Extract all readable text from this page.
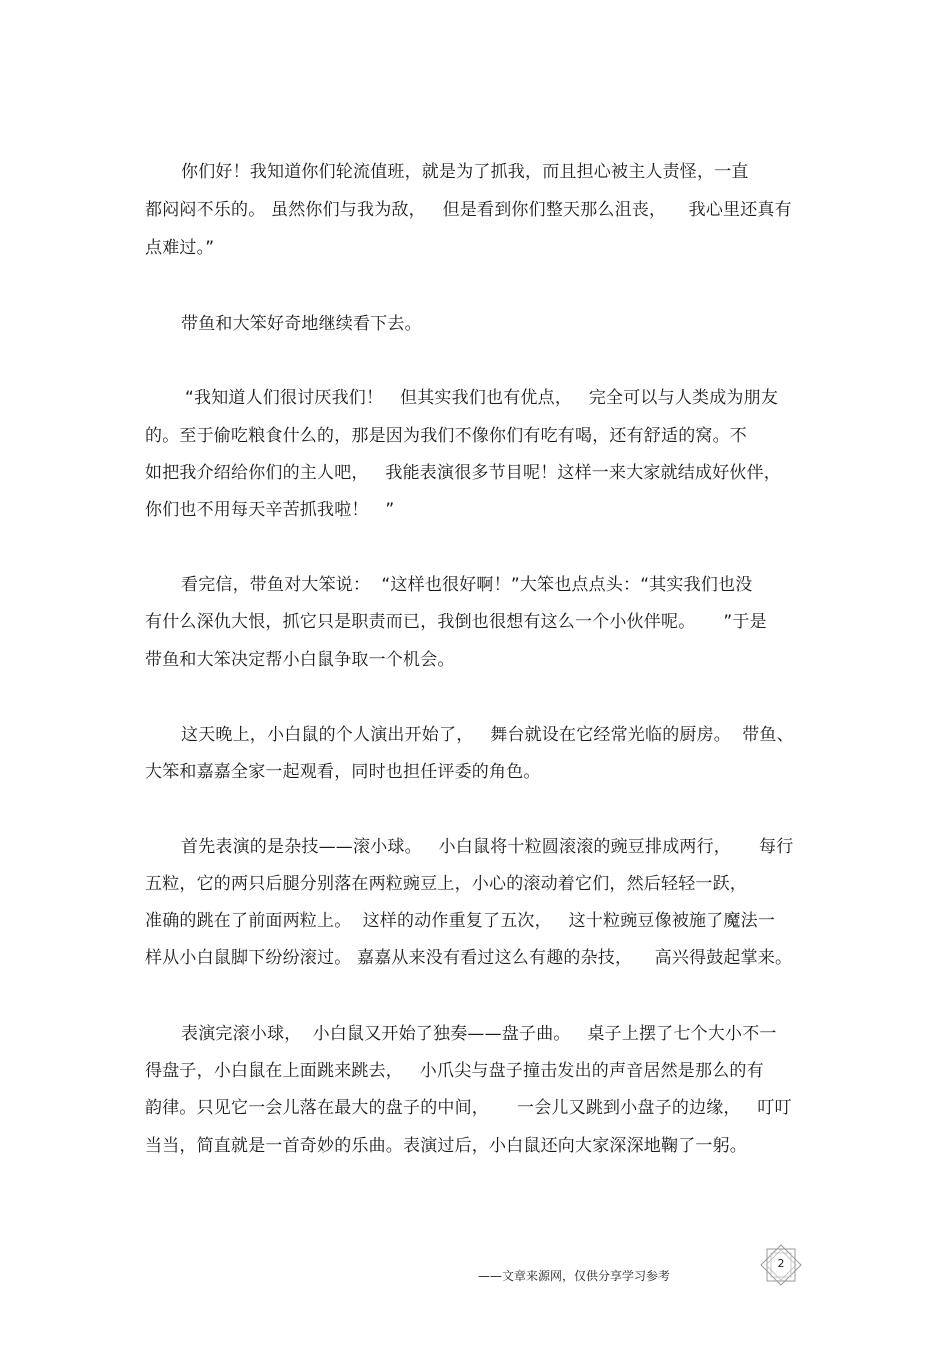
你们好！我知道你们轮流值班，就是为了抓我，而且担心被主人责怪，一直

都闷闷不乐的。 虽然你们与我为敌，   但是看到你们整天那么沮丧，    我心里还真有

点难过。”

带鱼和大笨好奇地继续看下去。

“我知道人们很讨厌我们！   但其实我们也有优点，   完全可以与人类成为朋友

的。至于偷吃粮食什么的，那是因为我们不像你们有吃有喝，还有舒适的窝。不

如把我介绍给你们的主人吧，   我能表演很多节目呢！这样一来大家就结成好伙伴，

你们也不用每天辛苦抓我啦！   ”

看完信，带鱼对大笨说：  “这样也很好啊！”大笨也点点头：“其实我们也没

有什么深仇大恨，抓它只是职责而已，我倒也很想有这么一个小伙伴呢。     ”于是

带鱼和大笨决定帮小白鼠争取一个机会。

这天晚上，小白鼠的个人演出开始了，   舞台就设在它经常光临的厨房。  带鱼、

大笨和嘉嘉全家一起观看，同时也担任评委的角色。

首先表演的是杂技——滚小球。   小白鼠将十粒圆滚滚的豌豆排成两行，     每行

五粒，它的两只后腿分别落在两粒豌豆上，小心的滚动着它们，然后轻轻一跃，

准确的跳在了前面两粒上。  这样的动作重复了五次，   这十粒豌豆像被施了魔法一

样从小白鼠脚下纷纷滚过。 嘉嘉从来没有看过这么有趣的杂技，    高兴得鼓起掌来。

表演完滚小球，  小白鼠又开始了独奏——盘子曲。   桌子上摆了七个大小不一

得盘子，小白鼠在上面跳来跳去，   小爪尖与盘子撞击发出的声音居然是那么的有

韵律。只见它一会儿落在最大的盘子的中间，     一会儿又跳到小盘子的边缘，   叮叮

当当，简直就是一首奇妙的乐曲。表演过后，小白鼠还向大家深深地鞠了一躬。

——文章来源网，仅供分享学习参考
2
